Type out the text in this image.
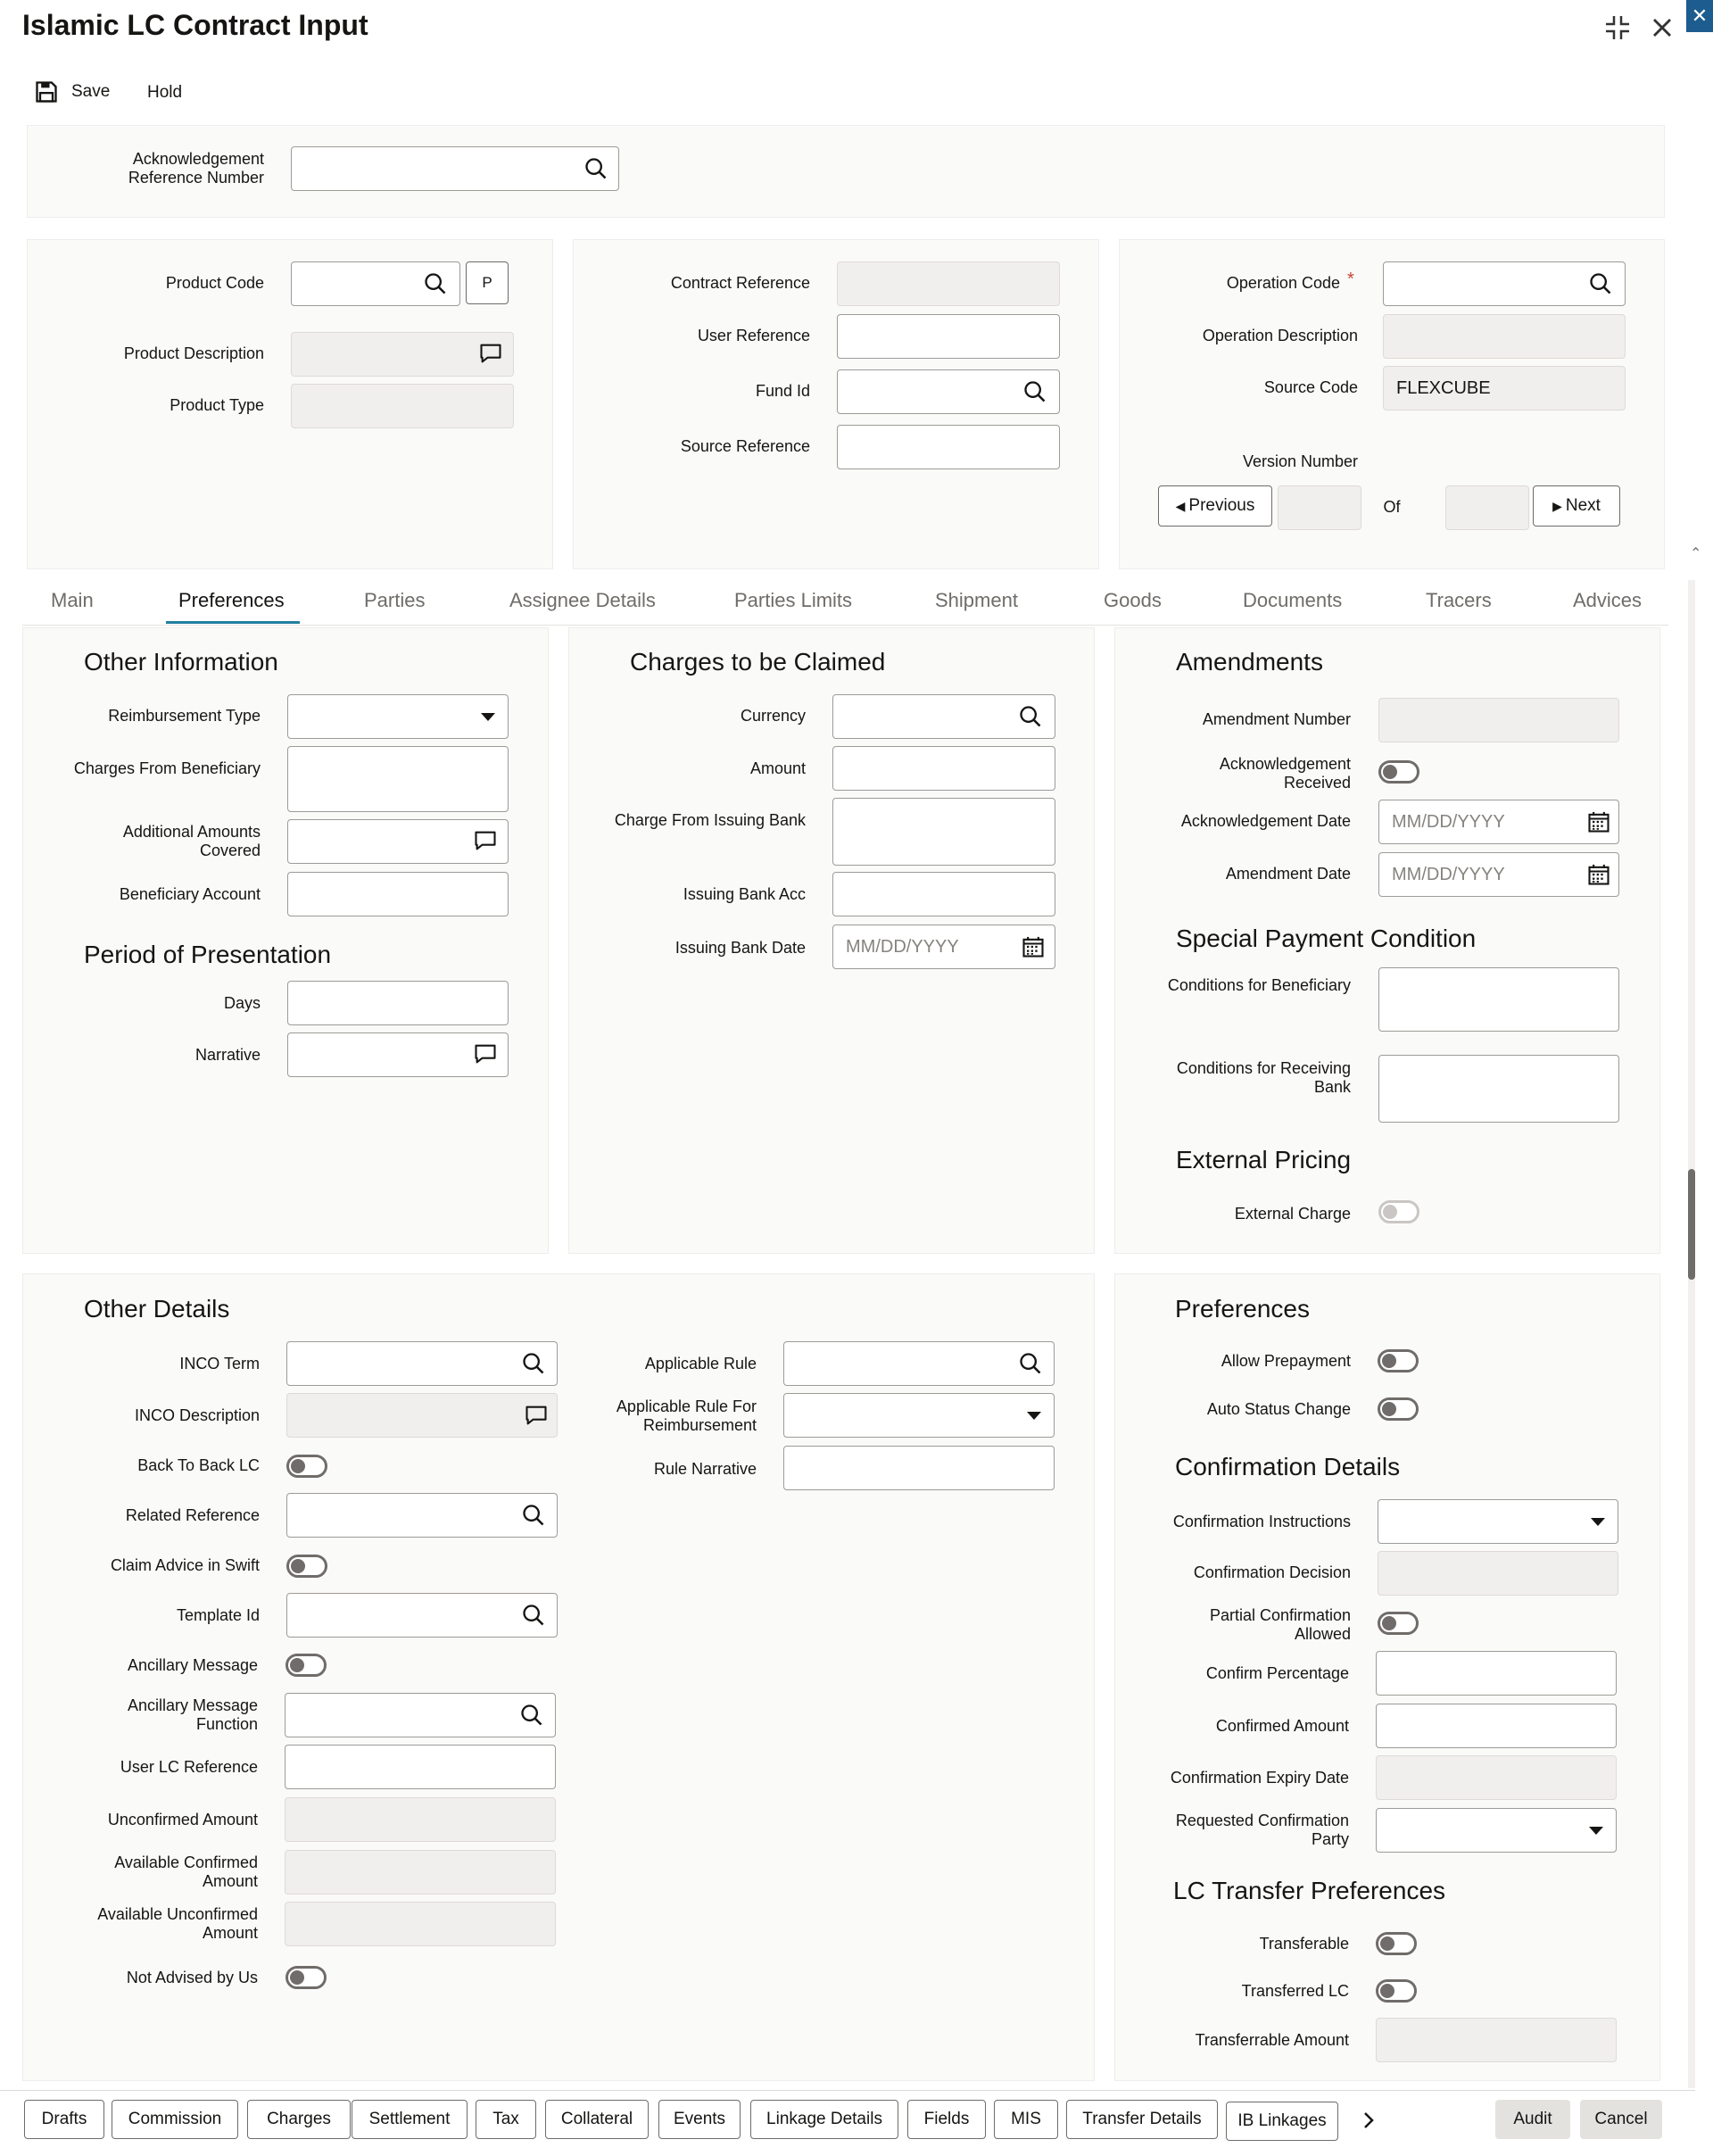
Islamic LC Contract Input	✕
Save Hold
Acknowledgement Reference Number
Product Code	P
Product Description
Product Type
Contract Reference
User Reference
Fund Id
Source Reference
Operation Code *
Operation Description
Source Code	FLEXCUBE
Version Number
◀ Previous	Of	▶ Next
Main	Preferences	Parties	Assignee Details	Parties Limits	Shipment	Goods	Documents	Tracers	Advices
Other Information
Reimbursement Type
Charges From Beneficiary
Additional Amounts Covered
Beneficiary Account
Period of Presentation
Days
Narrative
Charges to be Claimed
Currency
Amount
Charge From Issuing Bank
Issuing Bank Acc
Issuing Bank Date MM/DD/YYYY
Amendments
Amendment Number
Acknowledgement Received
Acknowledgement Date MM/DD/YYYY
Amendment Date MM/DD/YYYY
Special Payment Condition
Conditions for Beneficiary
Conditions for Receiving Bank
External Pricing
External Charge
Other Details
INCO Term
INCO Description
Back To Back LC
Related Reference
Claim Advice in Swift
Template Id
Ancillary Message
Ancillary Message Function
User LC Reference
Unconfirmed Amount
Available Confirmed Amount
Available Unconfirmed Amount
Not Advised by Us
Applicable Rule
Applicable Rule For Reimbursement
Rule Narrative
Preferences
Allow Prepayment
Auto Status Change
Confirmation Details
Confirmation Instructions
Confirmation Decision
Partial Confirmation Allowed
Confirm Percentage
Confirmed Amount
Confirmation Expiry Date
Requested Confirmation Party
LC Transfer Preferences
Transferable
Transferred LC
Transferrable Amount
⌃
Drafts	Commission	Charges	Settlement	Tax	Collateral	Events	Linkage Details	Fields	MIS	Transfer Details	IB Linkages	Audit	Cancel
